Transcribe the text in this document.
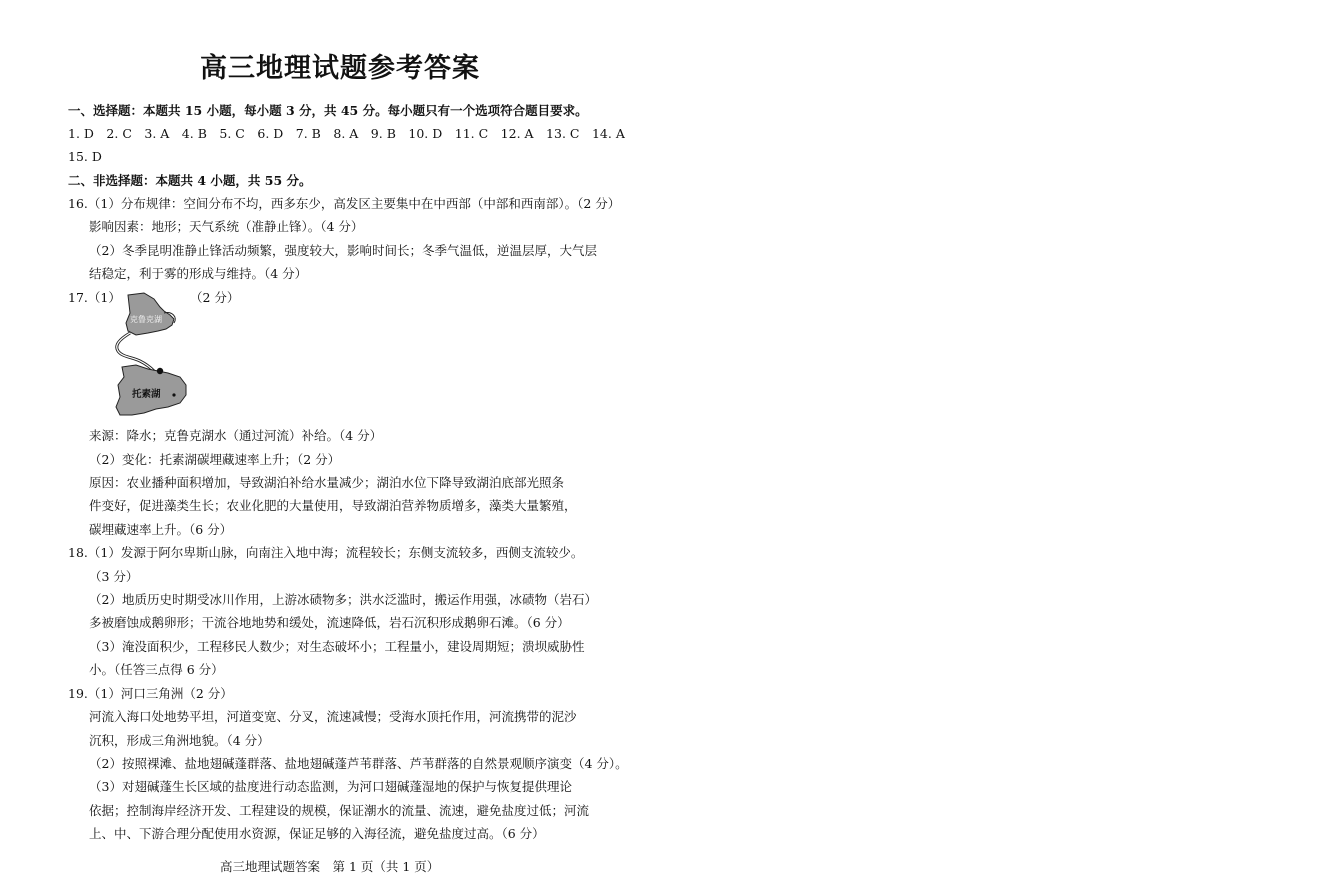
高三地理试题参考答案
一、选择题：本题共 15 小题，每小题 3 分，共 45 分。每小题只有一个选项符合题目要求。
1. D　2. C　3. A　4. B　5. C　6. D　7. B　8. A　9. B　10. D　11. C　12. A　13. C　14. A
15. D
二、非选择题：本题共 4 小题，共 55 分。
16.（1）分布规律：空间分布不均，西多东少，高发区主要集中在中西部（中部和西南部）。（2 分）
影响因素：地形；天气系统（准静止锋）。（4 分）
（2）冬季昆明准静止锋活动频繁，强度较大，影响时间长；冬季气温低，逆温层厚，大气层
结稳定，利于雾的形成与维持。（4 分）
17.（1）	（2 分）
克鲁克湖
托素湖
来源：降水；克鲁克湖水（通过河流）补给。（4 分）
（2）变化：托素湖碳埋藏速率上升；（2 分）
原因：农业播种面积增加，导致湖泊补给水量减少；湖泊水位下降导致湖泊底部光照条
件变好，促进藻类生长；农业化肥的大量使用，导致湖泊营养物质增多，藻类大量繁殖，
碳埋藏速率上升。（6 分）
18.（1）发源于阿尔卑斯山脉，向南注入地中海；流程较长；东侧支流较多，西侧支流较少。
（3 分）
（2）地质历史时期受冰川作用，上游冰碛物多；洪水泛滥时，搬运作用强，冰碛物（岩石）
多被磨蚀成鹅卵形；干流谷地地势和缓处，流速降低，岩石沉积形成鹅卵石滩。（6 分）
（3）淹没面积少，工程移民人数少；对生态破坏小；工程量小，建设周期短；溃坝威胁性
小。（任答三点得 6 分）
19.（1）河口三角洲（2 分）
河流入海口处地势平坦，河道变宽、分叉，流速减慢；受海水顶托作用，河流携带的泥沙
沉积，形成三角洲地貌。（4 分）
（2）按照裸滩、盐地翅碱蓬群落、盐地翅碱蓬芦苇群落、芦苇群落的自然景观顺序演变（4 分）。
（3）对翅碱蓬生长区域的盐度进行动态监测，为河口翅碱蓬湿地的保护与恢复提供理论
依据；控制海岸经济开发、工程建设的规模，保证潮水的流量、流速，避免盐度过低；河流
上、中、下游合理分配使用水资源，保证足够的入海径流，避免盐度过高。（6 分）
高三地理试题答案　第 1 页（共 1 页）
